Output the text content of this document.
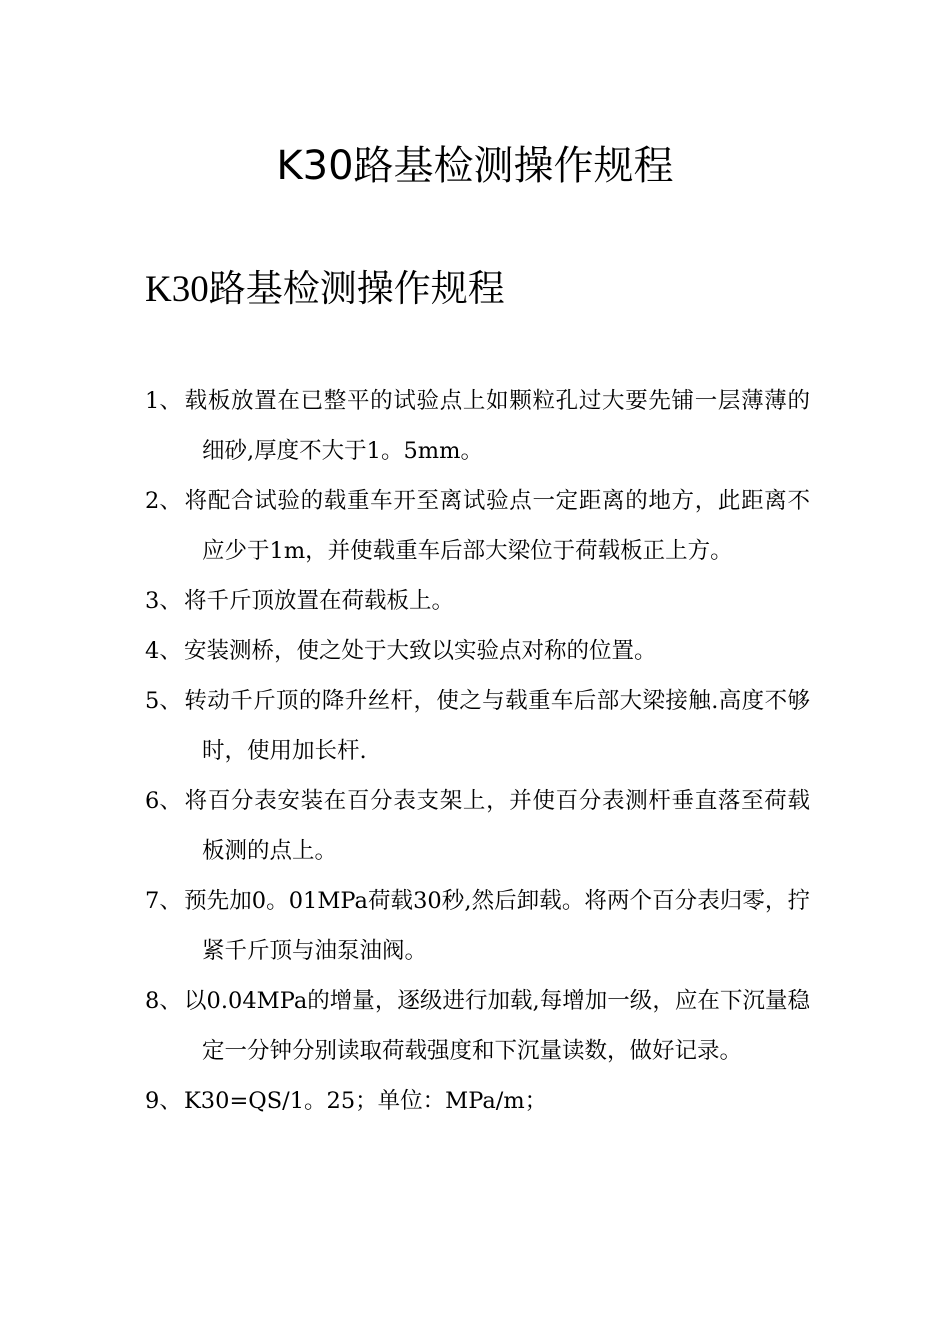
K30路基检测操作规程
K30路基检测操作规程
1、载板放置在已整平的试验点上如颗粒孔过大要先铺一层薄薄的细砂,厚度不大于1。5mm。
2、将配合试验的载重车开至离试验点一定距离的地方，此距离不应少于1m，并使载重车后部大梁位于荷载板正上方。
3、将千斤顶放置在荷载板上。
4、安装测桥，使之处于大致以实验点对称的位置。
5、转动千斤顶的降升丝杆，使之与载重车后部大梁接触.高度不够时，使用加长杆.
6、将百分表安装在百分表支架上，并使百分表测杆垂直落至荷载板测的点上。
7、预先加0。01MPa荷载30秒,然后卸载。将两个百分表归零，拧紧千斤顶与油泵油阀。
8、以0.04MPa的增量，逐级进行加载,每增加一级，应在下沉量稳定一分钟分别读取荷载强度和下沉量读数，做好记录。
9、K30=QS/1。25；单位：MPa/m；
